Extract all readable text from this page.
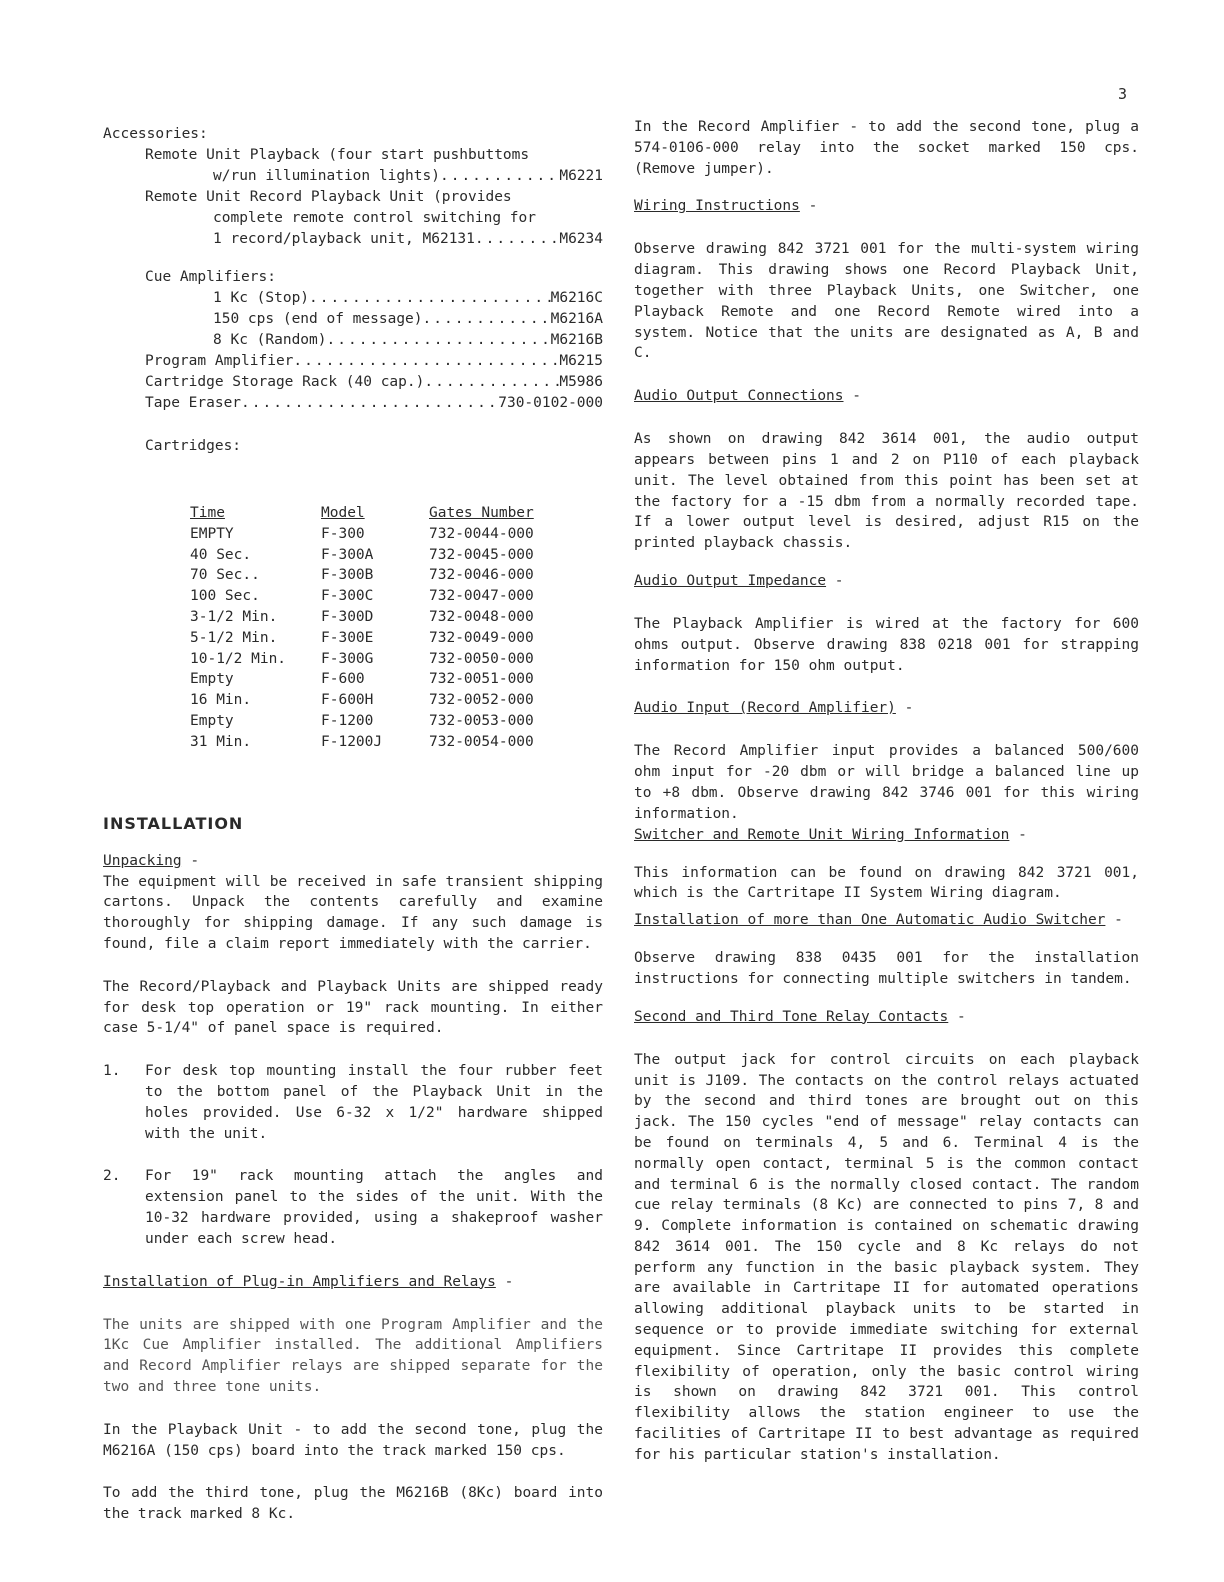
3
Accessories:
Remote Unit Playback (four start pushbuttoms
w/run illumination lights) .....	M6221
Remote Unit Record Playback Unit (provides
complete remote control switching for
1 record/playback unit, M62131 .....	M6234
Cue Amplifiers:
1 Kc (Stop) .....	M6216C
150 cps (end of message) .....	M6216A
8 Kc (Random) .....	M6216B
Program Amplifier .....	M6215
Cartridge Storage Rack (40 cap.) .....	M5986
Tape Eraser .....	730-0102-000
Cartridges:
Time	Model	Gates Number
EMPTY	F-300	732-0044-000
40 Sec.	F-300A	732-0045-000
70 Sec..	F-300B	732-0046-000
100 Sec.	F-300C	732-0047-000
3-1/2 Min.	F-300D	732-0048-000
5-1/2 Min.	F-300E	732-0049-000
10-1/2 Min.	F-300G	732-0050-000
Empty	F-600	732-0051-000
16 Min.	F-600H	732-0052-000
Empty	F-1200	732-0053-000
31 Min.	F-1200J	732-0054-000
INSTALLATION
Unpacking -
The equipment will be received in safe transient shipping cartons. Unpack the contents carefully and examine thoroughly for shipping damage. If any such damage is found, file a claim report immediately with the carrier.
The Record/Playback and Playback Units are shipped ready for desk top operation or 19" rack mounting. In either case 5-1/4" of panel space is required.
1.	For desk top mounting install the four rubber feet to the bottom panel of the Playback Unit in the holes provided. Use 6-32 x 1/2" hardware shipped with the unit.
2.	For 19" rack mounting attach the angles and extension panel to the sides of the unit. With the 10-32 hardware provided, using a shakeproof washer under each screw head.
Installation of Plug-in Amplifiers and Relays -
The units are shipped with one Program Amplifier and the 1Kc Cue Amplifier installed. The additional Amplifiers and Record Amplifier relays are shipped separate for the two and three tone units.
In the Playback Unit - to add the second tone, plug the M6216A (150 cps) board into the track marked 150 cps.
To add the third tone, plug the M6216B (8Kc) board into the track marked 8 Kc.
In the Record Amplifier - to add the second tone, plug a 574-0106-000 relay into the socket marked 150 cps. (Remove jumper).
Wiring Instructions -
Observe drawing 842 3721 001 for the multi-system wiring diagram. This drawing shows one Record Playback Unit, together with three Playback Units, one Switcher, one Playback Remote and one Record Remote wired into a system. Notice that the units are designated as A, B and C.
Audio Output Connections -
As shown on drawing 842 3614 001, the audio output appears between pins 1 and 2 on P110 of each playback unit. The level obtained from this point has been set at the factory for a -15 dbm from a normally recorded tape. If a lower output level is desired, adjust R15 on the printed playback chassis.
Audio Output Impedance -
The Playback Amplifier is wired at the factory for 600 ohms output. Observe drawing 838 0218 001 for strapping information for 150 ohm output.
Audio Input (Record Amplifier) -
The Record Amplifier input provides a balanced 500/600 ohm input for -20 dbm or will bridge a balanced line up to +8 dbm. Observe drawing 842 3746 001 for this wiring information.
Switcher and Remote Unit Wiring Information -
This information can be found on drawing 842 3721 001, which is the Cartritape II System Wiring diagram.
Installation of more than One Automatic Audio Switcher -
Observe drawing 838 0435 001 for the installation instructions for connecting multiple switchers in tandem.
Second and Third Tone Relay Contacts -
The output jack for control circuits on each playback unit is J109. The contacts on the control relays actuated by the second and third tones are brought out on this jack. The 150 cycles "end of message" relay contacts can be found on terminals 4, 5 and 6. Terminal 4 is the normally open contact, terminal 5 is the common contact and terminal 6 is the normally closed contact. The random cue relay terminals (8 Kc) are connected to pins 7, 8 and 9. Complete information is contained on schematic drawing 842 3614 001. The 150 cycle and 8 Kc relays do not perform any function in the basic playback system. They are available in Cartritape II for automated operations allowing additional playback units to be started in sequence or to provide immediate switching for external equipment. Since Cartritape II provides this complete flexibility of operation, only the basic control wiring is shown on drawing 842 3721 001. This control flexibility allows the station engineer to use the facilities of Cartritape II to best advantage as required for his particular station's installation.
